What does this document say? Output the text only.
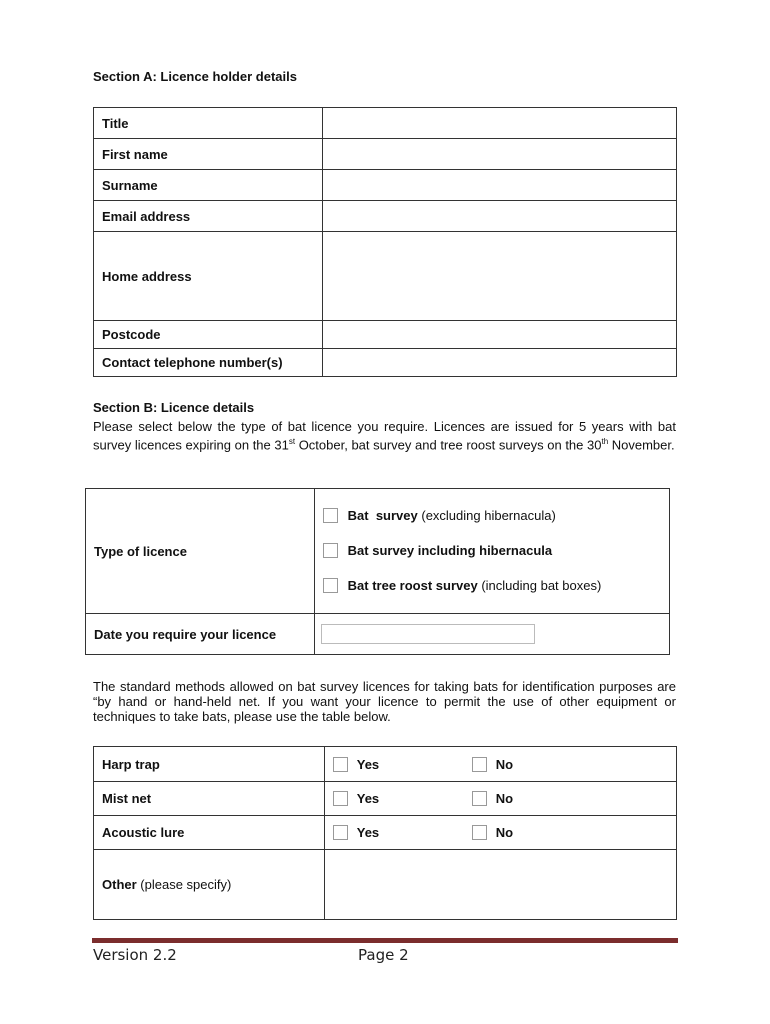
Section A: Licence holder details
Title	
First name	
Surname	
Email address	
Home address	
Postcode	
Contact telephone number(s)	
Section B: Licence details
Please select below the type of bat licence you require. Licences are issued for 5 years with bat survey licences expiring on the 31st October, bat survey and tree roost surveys on the 30th November.
Type of licence	Bat  survey (excluding hibernacula)
Bat survey including hibernacula
Bat tree roost survey (including bat boxes)

Date you require your licence	
The standard methods allowed on bat survey licences for taking bats for identification purposes are “by hand or hand-held net. If you want your licence to permit the use of other equipment or techniques to take bats, please use the table below.
Harp trap	Yes No

Mist net	Yes No

Acoustic lure	Yes No

Other (please specify)	
Version 2.2	Page 2
